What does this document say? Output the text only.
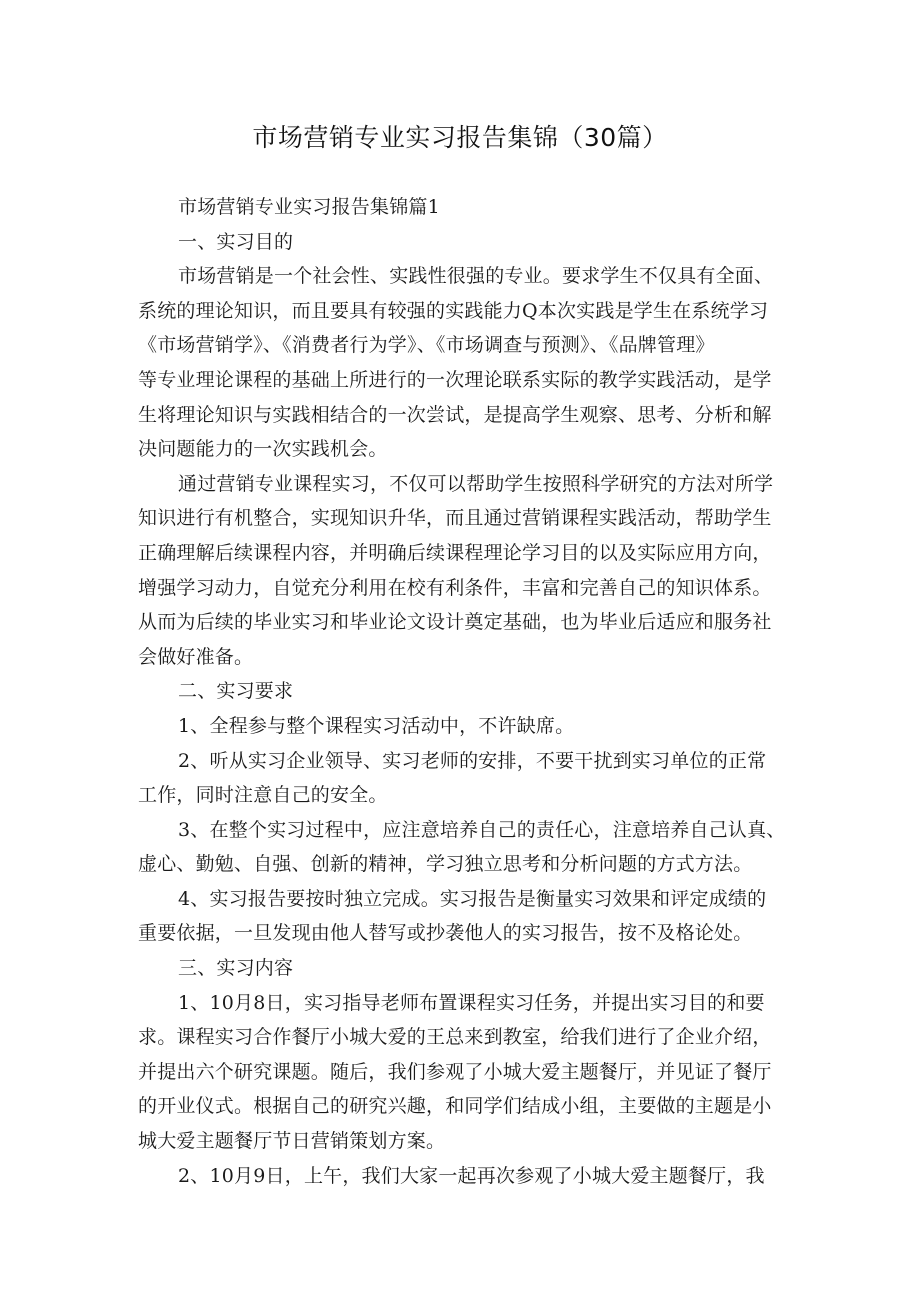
市场营销专业实习报告集锦（30篇）
市场营销专业实习报告集锦篇1
一、实习目的
市场营销是一个社会性、实践性很强的专业。要求学生不仅具有全面、
系统的理论知识，而且要具有较强的实践能力Q本次实践是学生在系统学习
《市场营销学》、《消费者行为学》、《市场调查与预测》、《品牌管理》
等专业理论课程的基础上所进行的一次理论联系实际的教学实践活动，是学
生将理论知识与实践相结合的一次尝试，是提高学生观察、思考、分析和解
决问题能力的一次实践机会。
通过营销专业课程实习，不仅可以帮助学生按照科学研究的方法对所学
知识进行有机整合，实现知识升华，而且通过营销课程实践活动，帮助学生
正确理解后续课程内容，并明确后续课程理论学习目的以及实际应用方向，
增强学习动力，自觉充分利用在校有利条件，丰富和完善自己的知识体系。
从而为后续的毕业实习和毕业论文设计奠定基础，也为毕业后适应和服务社
会做好准备。
二、实习要求
1、全程参与整个课程实习活动中，不许缺席。
2、听从实习企业领导、实习老师的安排，不要干扰到实习单位的正常
工作，同时注意自己的安全。
3、在整个实习过程中，应注意培养自己的责任心，注意培养自己认真、
虚心、勤勉、自强、创新的精神，学习独立思考和分析问题的方式方法。
4、实习报告要按时独立完成。实习报告是衡量实习效果和评定成绩的
重要依据，一旦发现由他人替写或抄袭他人的实习报告，按不及格论处。
三、实习内容
1、10月8日，实习指导老师布置课程实习任务，并提出实习目的和要
求。课程实习合作餐厅小城大爱的王总来到教室，给我们进行了企业介绍，
并提出六个研究课题。随后，我们参观了小城大爱主题餐厅，并见证了餐厅
的开业仪式。根据自己的研究兴趣，和同学们结成小组，主要做的主题是小
城大爱主题餐厅节日营销策划方案。
2、10月9日，上午，我们大家一起再次参观了小城大爱主题餐厅，我
